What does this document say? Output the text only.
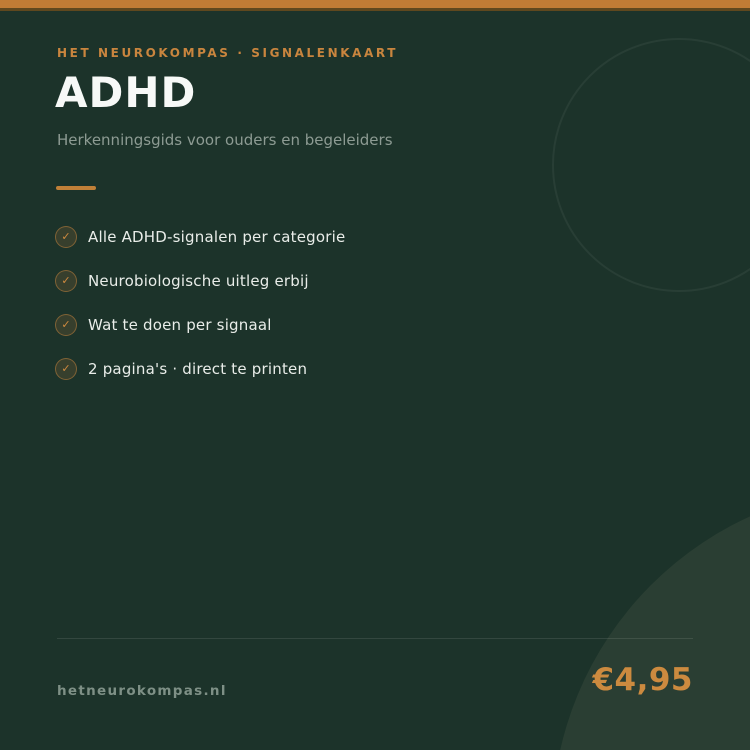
HET NEUROKOMPAS · SIGNALENKAART
ADHD

Herkenningsgids voor ouders en begeleiders

✓	Alle ADHD-signalen per categorie
✓	Neurobiologische uitleg erbij
✓	Wat te doen per signaal
✓	2 pagina's · direct te printen
hetneurokompas.nl	€4,95
